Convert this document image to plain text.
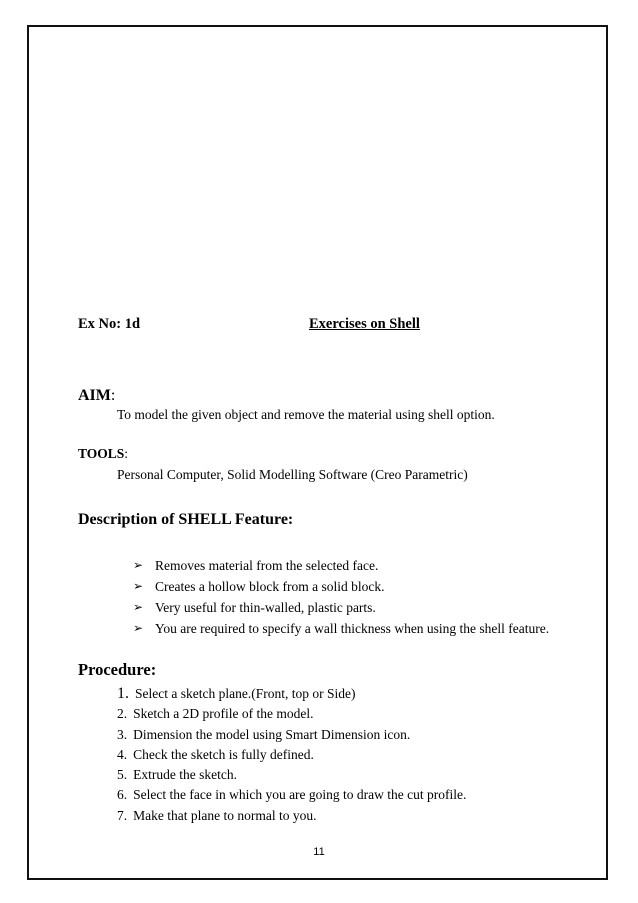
Ex No: 1d	Exercises on Shell
AIM:
To model the given object and remove the material using shell option.
TOOLS:
Personal Computer, Solid Modelling Software (Creo Parametric)
Description of SHELL Feature:
➢ Removes material from the selected face.
➢ Creates a hollow block from a solid block.
➢ Very useful for thin-walled, plastic parts.
➢ You are required to specify a wall thickness when using the shell feature.
Procedure:
1. Select a sketch plane.(Front, top or Side)
2. Sketch a 2D profile of the model.
3. Dimension the model using Smart Dimension icon.
4. Check the sketch is fully defined.
5. Extrude the sketch.
6. Select the face in which you are going to draw the cut profile.
7. Make that plane to normal to you.
11
